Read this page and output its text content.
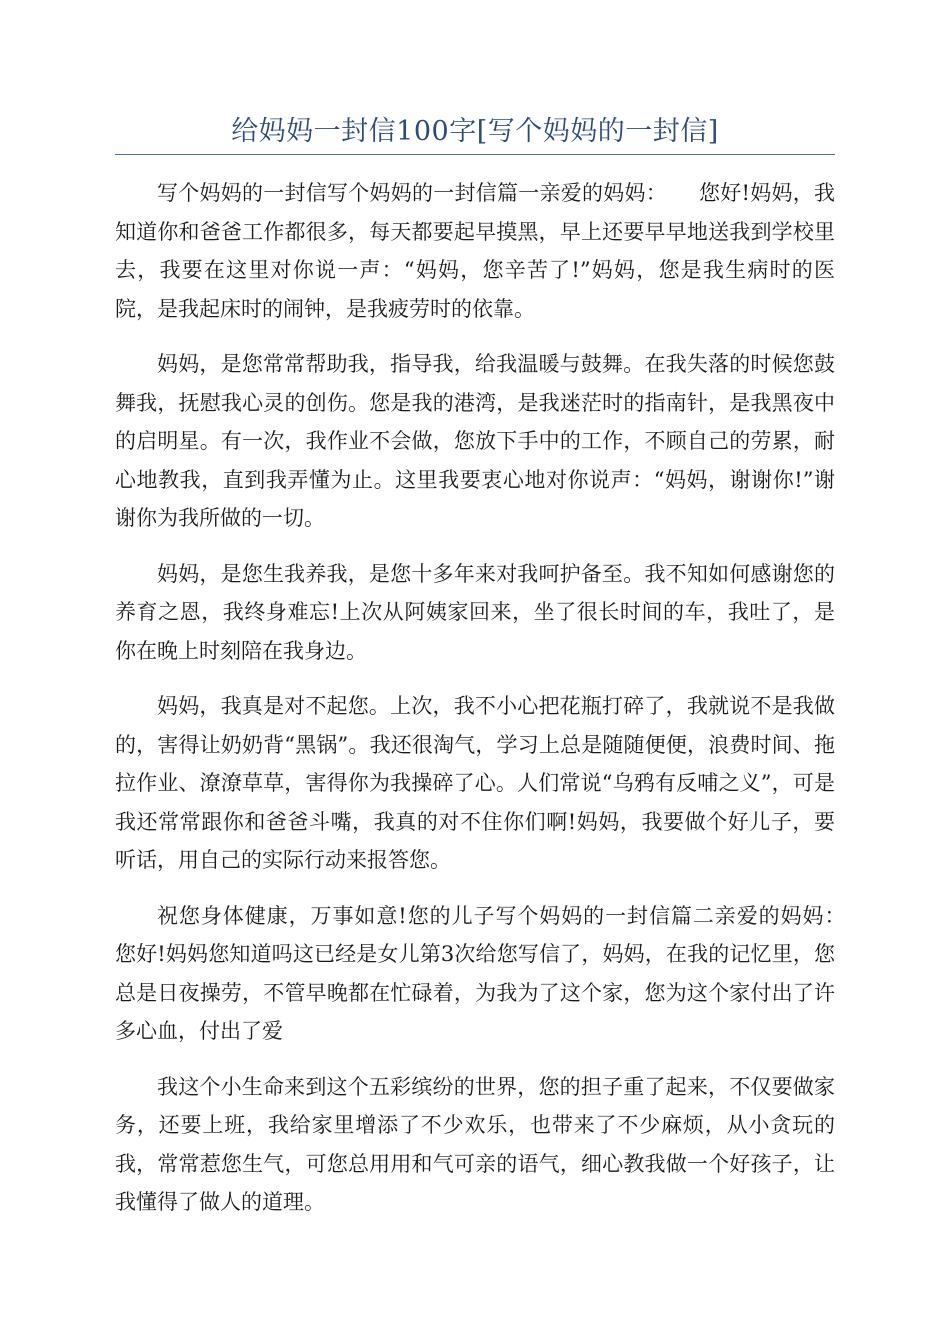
给妈妈一封信100字[写个妈妈的一封信]

写个妈妈的一封信写个妈妈的一封信篇一亲爱的妈妈：　　您好!妈妈，我知道你和爸爸工作都很多，每天都要起早摸黑，早上还要早早地送我到学校里去，我要在这里对你说一声：“妈妈，您辛苦了!”妈妈，您是我生病时的医院，是我起床时的闹钟，是我疲劳时的依靠。

妈妈，是您常常帮助我，指导我，给我温暖与鼓舞。在我失落的时候您鼓舞我，抚慰我心灵的创伤。您是我的港湾，是我迷茫时的指南针，是我黑夜中的启明星。有一次，我作业不会做，您放下手中的工作，不顾自己的劳累，耐心地教我，直到我弄懂为止。这里我要衷心地对你说声：“妈妈，谢谢你!”谢谢你为我所做的一切。

妈妈，是您生我养我，是您十多年来对我呵护备至。我不知如何感谢您的养育之恩，我终身难忘!上次从阿姨家回来，坐了很长时间的车，我吐了，是你在晚上时刻陪在我身边。

妈妈，我真是对不起您。上次，我不小心把花瓶打碎了，我就说不是我做的，害得让奶奶背“黑锅”。我还很淘气，学习上总是随随便便，浪费时间、拖拉作业、潦潦草草，害得你为我操碎了心。人们常说“乌鸦有反哺之义”，可是我还常常跟你和爸爸斗嘴，我真的对不住你们啊!妈妈，我要做个好儿子，要听话，用自己的实际行动来报答您。

祝您身体健康，万事如意!您的儿子写个妈妈的一封信篇二亲爱的妈妈：　　您好!妈妈您知道吗这已经是女儿第3次给您写信了，妈妈，在我的记忆里，您总是日夜操劳，不管早晚都在忙碌着，为我为了这个家，您为这个家付出了许多心血，付出了爱

我这个小生命来到这个五彩缤纷的世界，您的担子重了起来，不仅要做家务，还要上班，我给家里增添了不少欢乐，也带来了不少麻烦，从小贪玩的我，常常惹您生气，可您总用用和气可亲的语气，细心教我做一个好孩子，让我懂得了做人的道理。
